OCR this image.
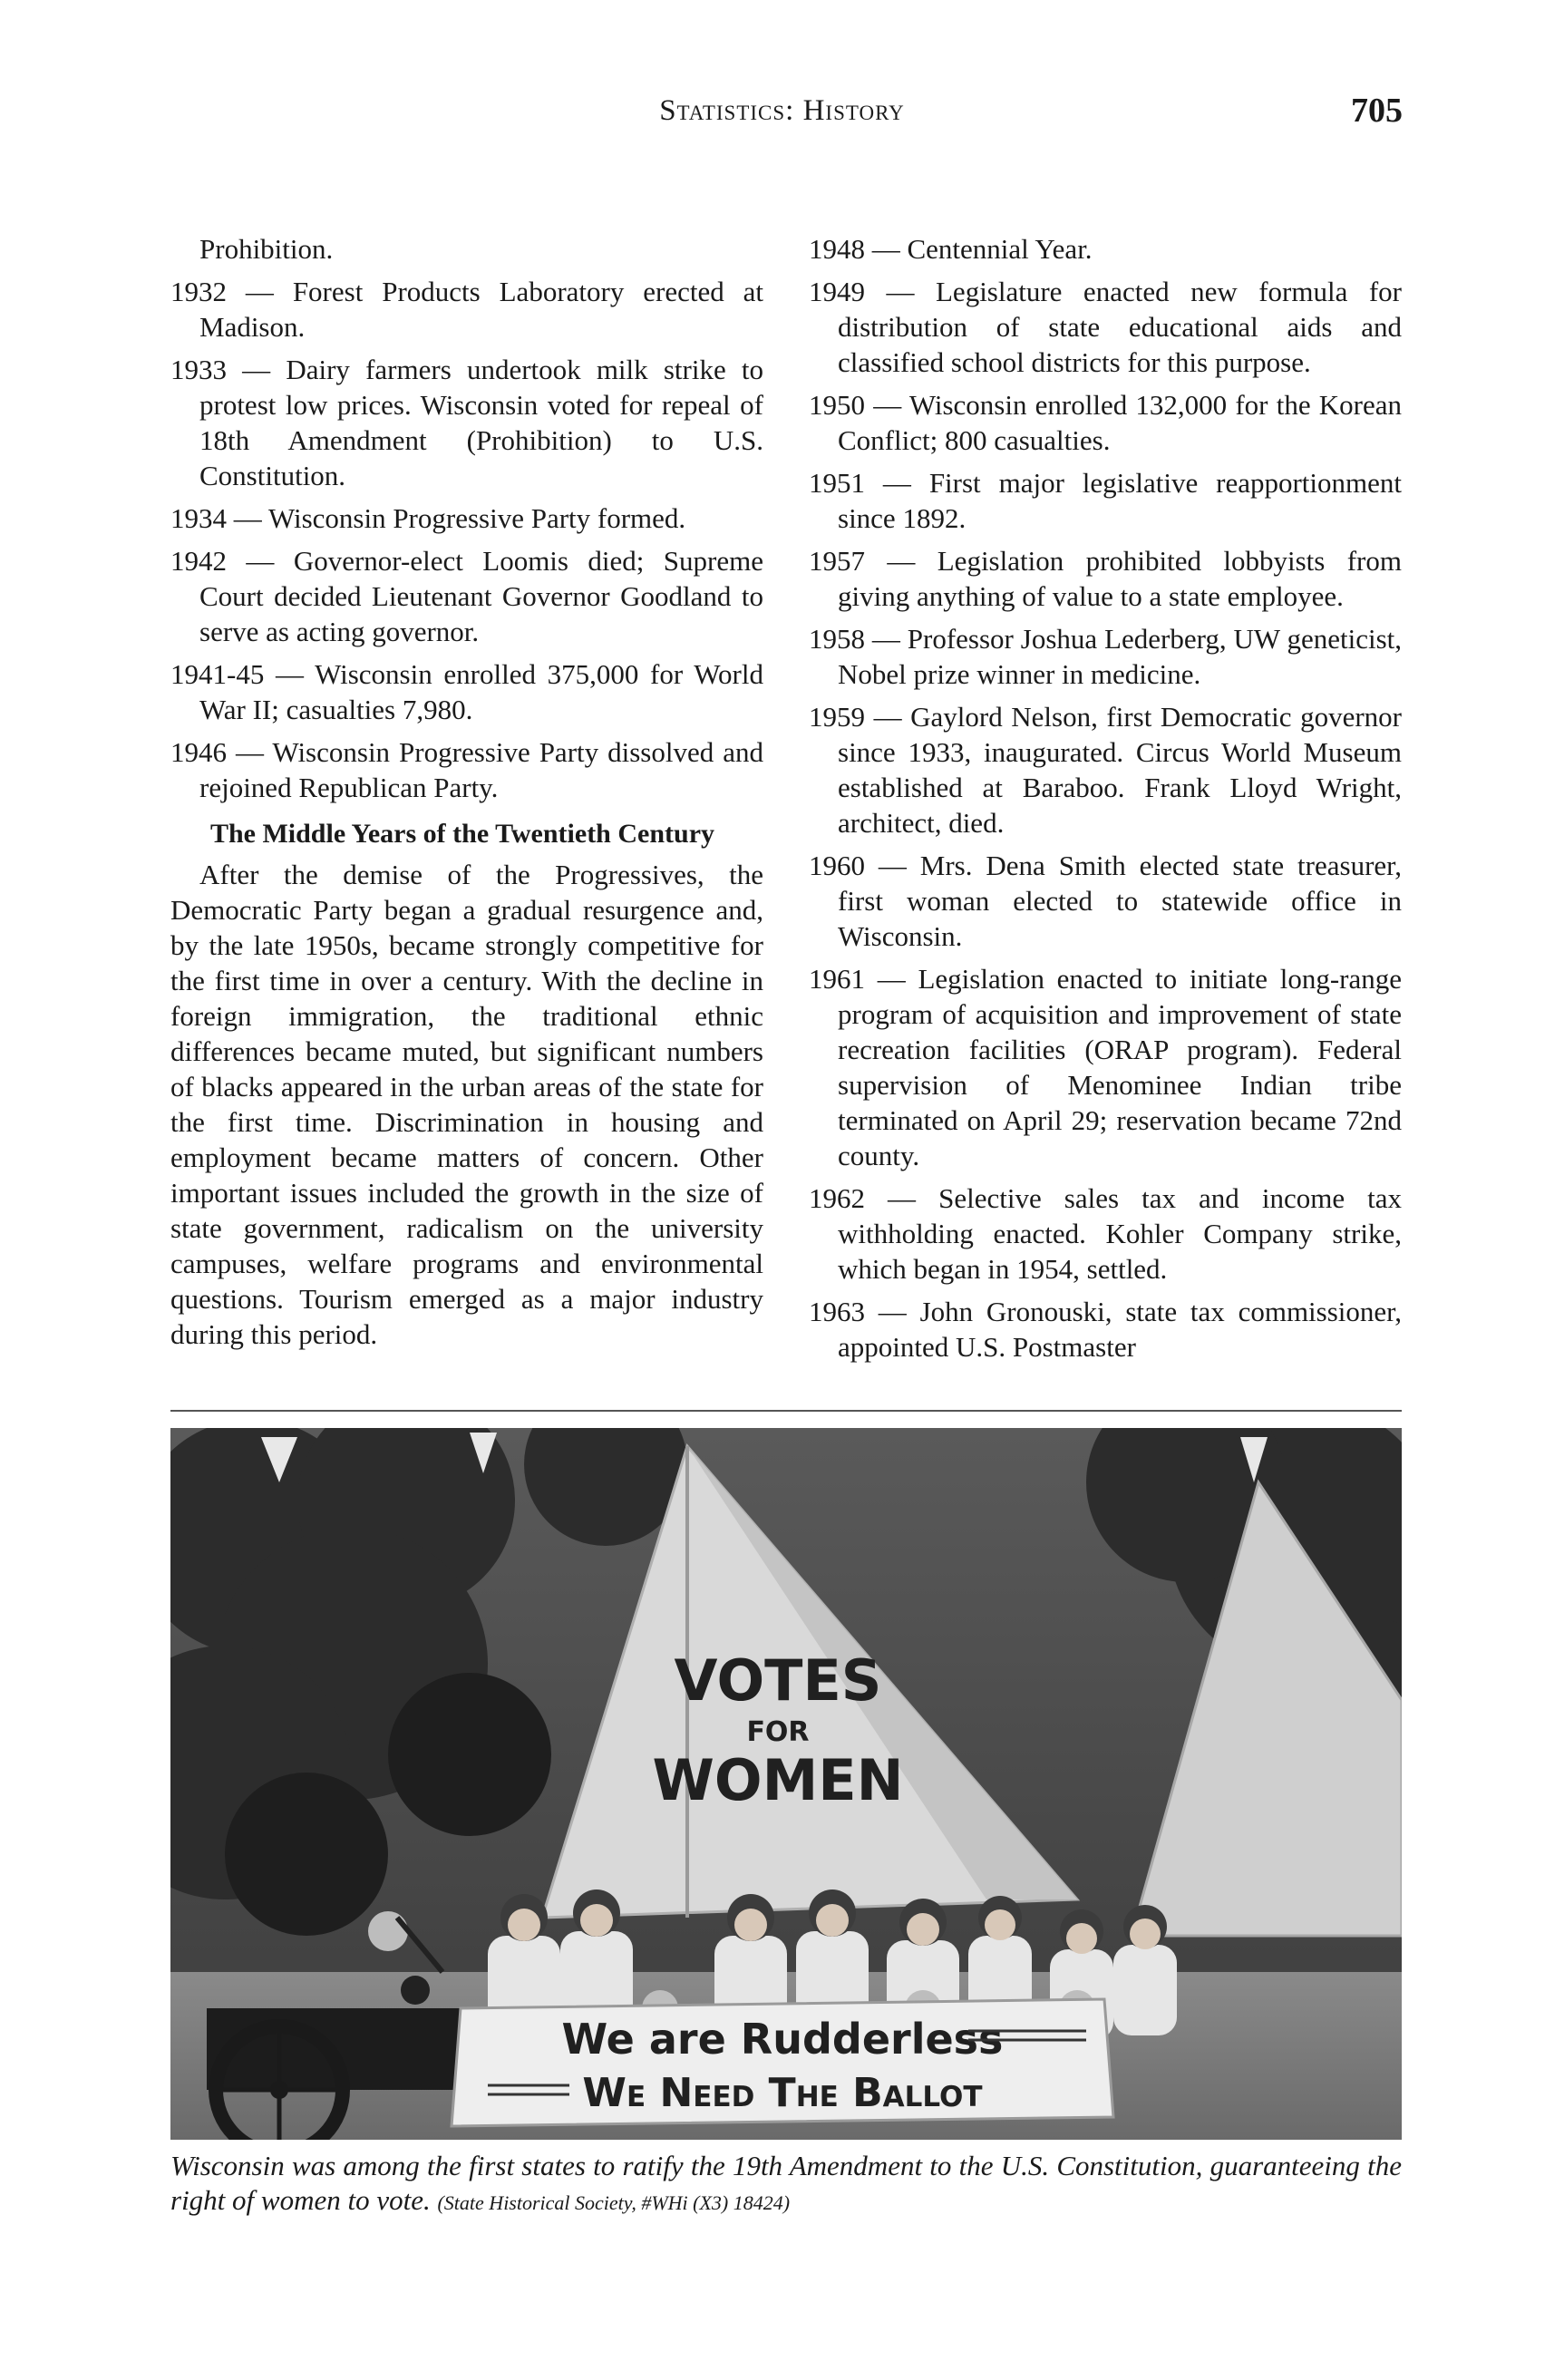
Statistics: History	705

Prohibition.

1932 — Forest Products Laboratory erected at Madison.

1933 — Dairy farmers undertook milk strike to protest low prices. Wisconsin voted for repeal of 18th Amendment (Prohibition) to U.S. Constitution.

1934 — Wisconsin Progressive Party formed.

1942 — Governor-elect Loomis died; Supreme Court decided Lieutenant Governor Goodland to serve as acting governor.

1941-45 — Wisconsin enrolled 375,000 for World War II; casualties 7,980.

1946 — Wisconsin Progressive Party dissolved and rejoined Republican Party.

The Middle Years of the Twentieth Century

After the demise of the Progressives, the Democratic Party began a gradual resurgence and, by the late 1950s, became strongly competitive for the first time in over a century. With the decline in foreign immigration, the traditional ethnic differences became muted, but significant numbers of blacks appeared in the urban areas of the state for the first time. Discrimination in housing and employment became matters of concern. Other important issues included the growth in the size of state government, radicalism on the university campuses, welfare programs and environmental questions. Tourism emerged as a major industry during this period.

1948 — Centennial Year.

1949 — Legislature enacted new formula for distribution of state educational aids and classified school districts for this purpose.

1950 — Wisconsin enrolled 132,000 for the Korean Conflict; 800 casualties.

1951 — First major legislative reapportionment since 1892.

1957 — Legislation prohibited lobbyists from giving anything of value to a state employee.

1958 — Professor Joshua Lederberg, UW geneticist, Nobel prize winner in medicine.

1959 — Gaylord Nelson, first Democratic governor since 1933, inaugurated. Circus World Museum established at Baraboo. Frank Lloyd Wright, architect, died.

1960 — Mrs. Dena Smith elected state treasurer, first woman elected to statewide office in Wisconsin.

1961 — Legislation enacted to initiate long-range program of acquisition and improvement of state recreation facilities (ORAP program). Federal supervision of Menominee Indian tribe terminated on April 29; reservation became 72nd county.

1962 — Selective sales tax and income tax withholding enacted. Kohler Company strike, which began in 1954, settled.

1963 — John Gronouski, state tax commissioner, appointed U.S. Postmaster

VOTES
FOR
WOMEN
We are Rudderless
We Need The Ballot
Wisconsin was among the first states to ratify the 19th Amendment to the U.S. Constitution, guaranteeing the right of women to vote. (State Historical Society, #WHi (X3) 18424)
